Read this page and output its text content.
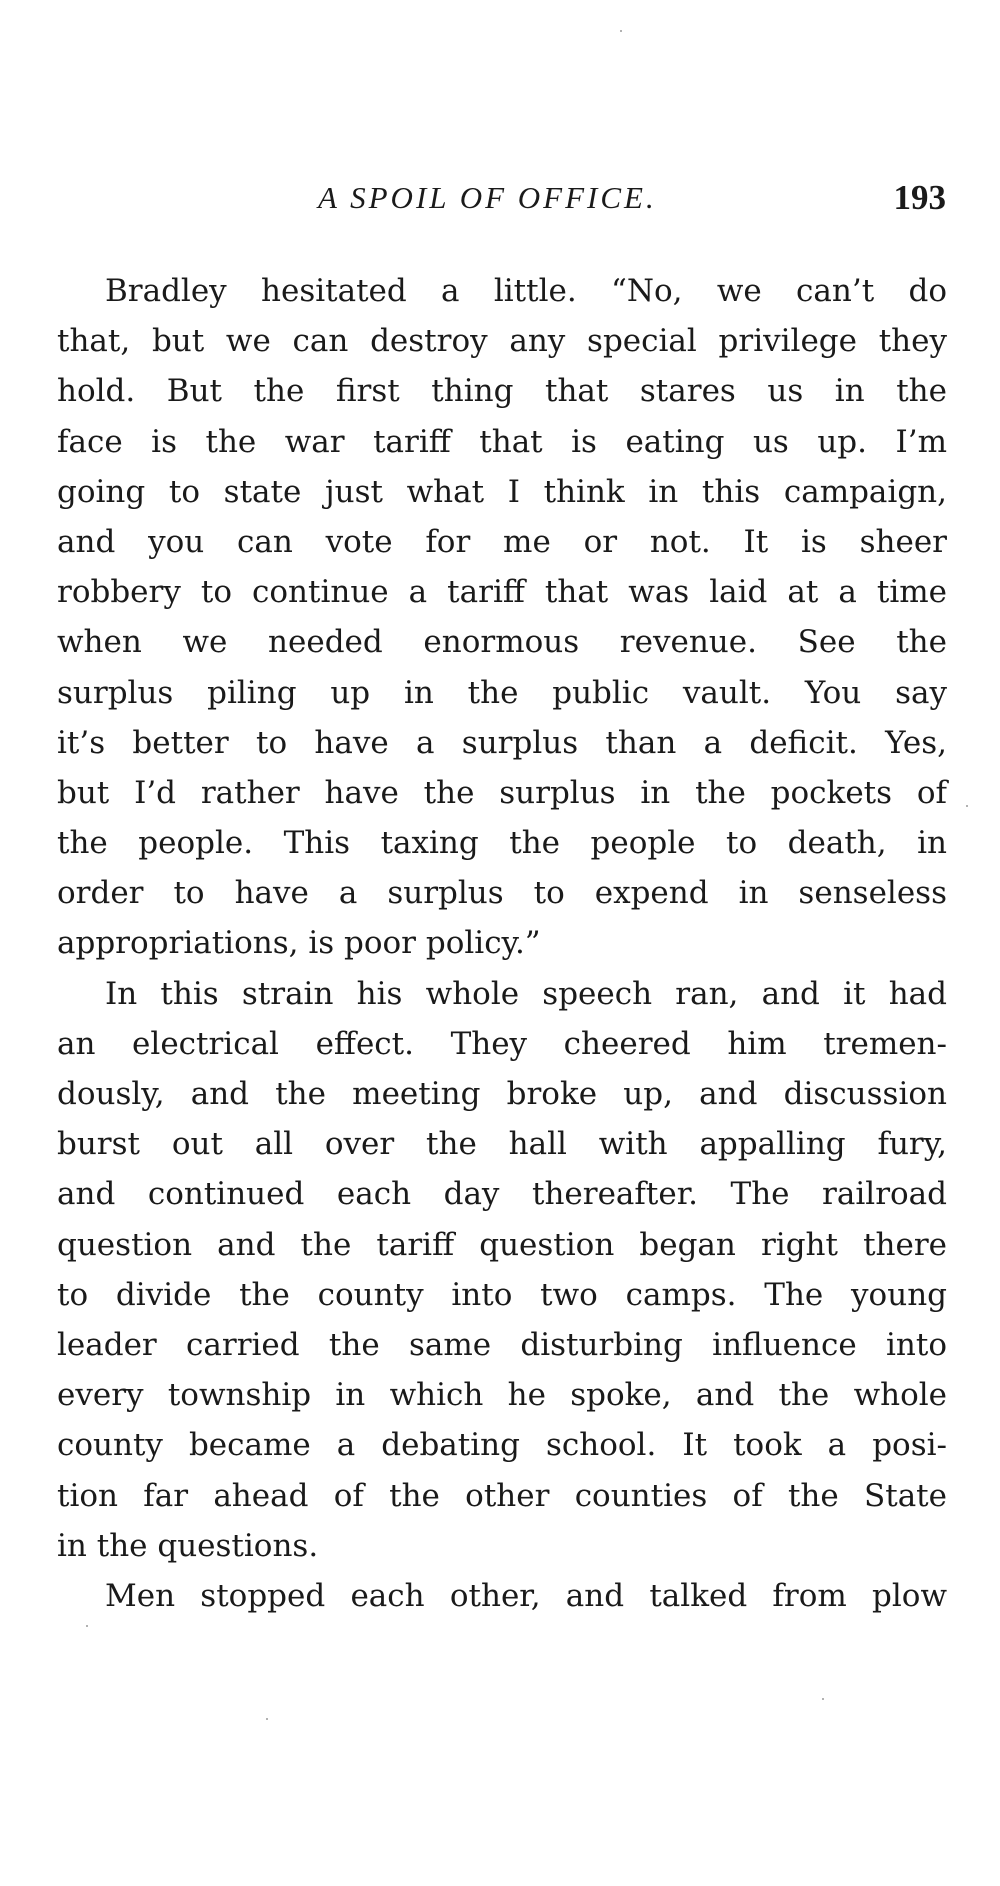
A SPOIL OF OFFICE.	193
Bradley hesitated a little. “No, we can’t do
that, but we can destroy any special privilege they
hold. But the first thing that stares us in the
face is the war tariff that is eating us up. I’m
going to state just what I think in this campaign,
and you can vote for me or not. It is sheer
robbery to continue a tariff that was laid at a time
when we needed enormous revenue. See the
surplus piling up in the public vault. You say
it’s better to have a surplus than a deficit. Yes,
but I’d rather have the surplus in the pockets of
the people. This taxing the people to death, in
order to have a surplus to expend in senseless
appropriations, is poor policy.”
In this strain his whole speech ran, and it had
an electrical effect. They cheered him tremen-
dously, and the meeting broke up, and discussion
burst out all over the hall with appalling fury,
and continued each day thereafter. The railroad
question and the tariff question began right there
to divide the county into two camps. The young
leader carried the same disturbing influence into
every township in which he spoke, and the whole
county became a debating school. It took a posi-
tion far ahead of the other counties of the State
in the questions.
Men stopped each other, and talked from plow
